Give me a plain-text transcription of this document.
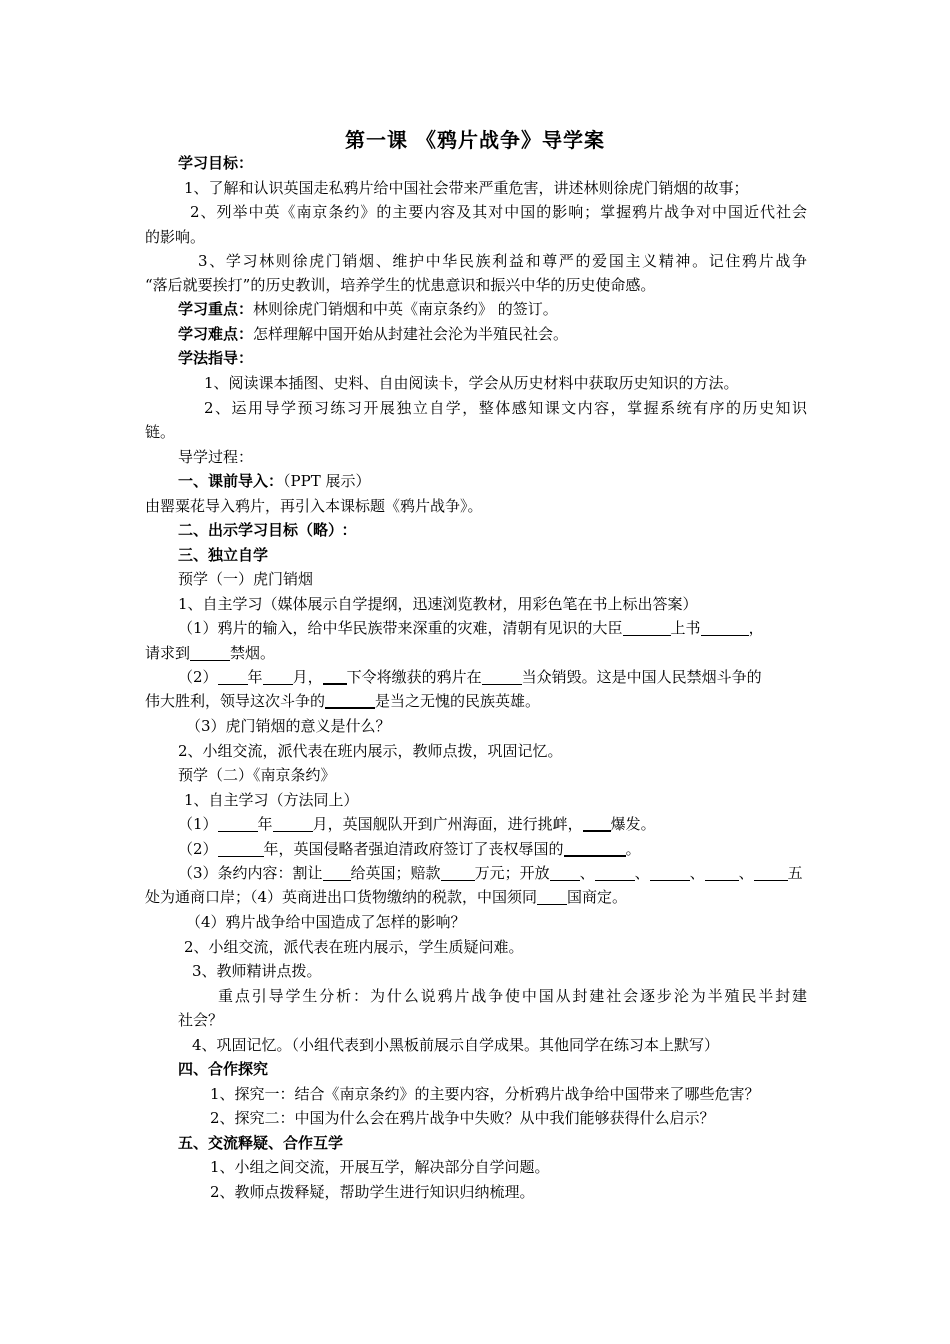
第一课 《鸦片战争》导学案
学习目标：
1、了解和认识英国走私鸦片给中国社会带来严重危害，讲述林则徐虎门销烟的故事；
2、列举中英《南京条约》的主要内容及其对中国的影响；掌握鸦片战争对中国近代社会
的影响。
3、学习林则徐虎门销烟、维护中华民族利益和尊严的爱国主义精神。记住鸦片战争
“落后就要挨打”的历史教训，培养学生的忧患意识和振兴中华的历史使命感。
学习重点：林则徐虎门销烟和中英《南京条约》 的签订。
学习难点：怎样理解中国开始从封建社会沦为半殖民社会。
学法指导：
1、阅读课本插图、史料、自由阅读卡，学会从历史材料中获取历史知识的方法。
2、运用导学预习练习开展独立自学，整体感知课文内容，掌握系统有序的历史知识
链。
导学过程：
一、课前导入：（PPT 展示）
由罂粟花导入鸦片，再引入本课标题《鸦片战争》。
二、出示学习目标（略） ：
三、独立自学
预学（一）虎门销烟
1、自主学习（媒体展示自学提纲，迅速浏览教材，用彩色笔在书上标出答案）
（1）鸦片的输入，给中华民族带来深重的灾难，清朝有见识的大臣	上书	，
请求到	禁烟。
（2） 年 月， 下令将缴获的鸦片在	当众销毁。这是中国人民禁烟斗争的
伟大胜利，领导这次斗争的	是当之无愧的民族英雄。
（3）虎门销烟的意义是什么？
2、小组交流，派代表在班内展示，教师点拨，巩固记忆。
预学（二）《南京条约》
1、自主学习（方法同上）
（1）	年	月，英国舰队开到广州海面，进行挑衅， 爆发。
（2）	年，英国侵略者强迫清政府签订了丧权辱国的	。
（3）条约内容：割让 给英国；赔款 万元；开放 、	、	、 、 五
处为通商口岸；（4）英商进出口货物缴纳的税款，中国须同 国商定。
（4）鸦片战争给中国造成了怎样的影响？
2、小组交流，派代表在班内展示，学生质疑问难。
3、教师精讲点拨。
重点引导学生分析：为什么说鸦片战争使中国从封建社会逐步沦为半殖民半封建
社会？
4、巩固记忆。（小组代表到小黑板前展示自学成果。其他同学在练习本上默写）
四、合作探究
1、探究一：结合《南京条约》的主要内容，分析鸦片战争给中国带来了哪些危害？
2、探究二：中国为什么会在鸦片战争中失败？从中我们能够获得什么启示？
五、交流释疑、合作互学
1、小组之间交流，开展互学，解决部分自学问题。
2、教师点拨释疑，帮助学生进行知识归纳梳理。
